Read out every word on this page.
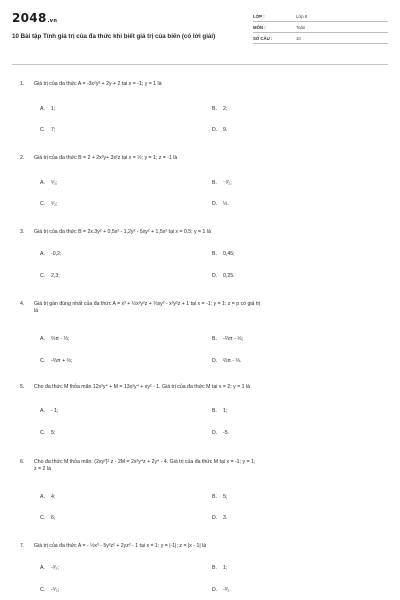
2048.vn
10 Bài tập Tính giá trị của đa thức khi biết giá trị của biến (có lời giải)
LỚP :	Lớp 8
MÔN :	Toán
SỐ CÂU :	10
1.	Giá trị của đa thức A = -3x²y² + 2y + 2 tại x = -1; y = 1 là
A. 1;	B. 2;
C. 7;	D. 9.
2.	Giá trị của đa thức B = 2 + 2x³y+ 3x²z tại x = ½; y = 1; z = -1 là
A. ⁵⁄₂;	B. ⁻³⁄₂;
C. ⁵⁄₂;	D. ½.
3.	Giá trị của đa thức B = 2x.3y² + 0,5x² - 1,2y² - 5xy² + 1,5x² tại x = 0,5; y = 1 là
A. -0,2;	B. 0,45;
C. 2,3;	D. 0,25.
4.	Giá trị gần đúng nhất của đa thức A = x³ + ½x²y²z + ⅓xy³ - x²y²z + 1 tại x = -1; y = 1; z = p có giá trị
là
A. ⅔π - ⅓;	B. -⅔π - ⅓;
C. -⅔π + ⅓;	D. ⅔π - ⅓.
5.	Cho đa thức M thỏa mãn 12x²y⁴ + M = 13x²y⁴ + xy² - 1. Giá trị của đa thức M tại x = 2; y = 1 là
A. - 1;	B. 1;
C. 5;	D. -5.
6.	Cho đa thức M thỏa mãn: (2xy²)² z - 2M = 2x²y⁴z + 2y⁴ - 4. Giá trị của đa thức M tại x = -1; y = 1;
z = 2 là
A. 4;	B. 5;
C. 6;	D. 3.
7.	Giá trị của đa thức A = - ½x³ - 5y²z² + 2yz² - 1 tại x = 1; y = |-1|; z = |x - 1| là
A. -³⁄₂;	B. 1;
C. -⁵⁄₂;	D. -³⁄₂.
